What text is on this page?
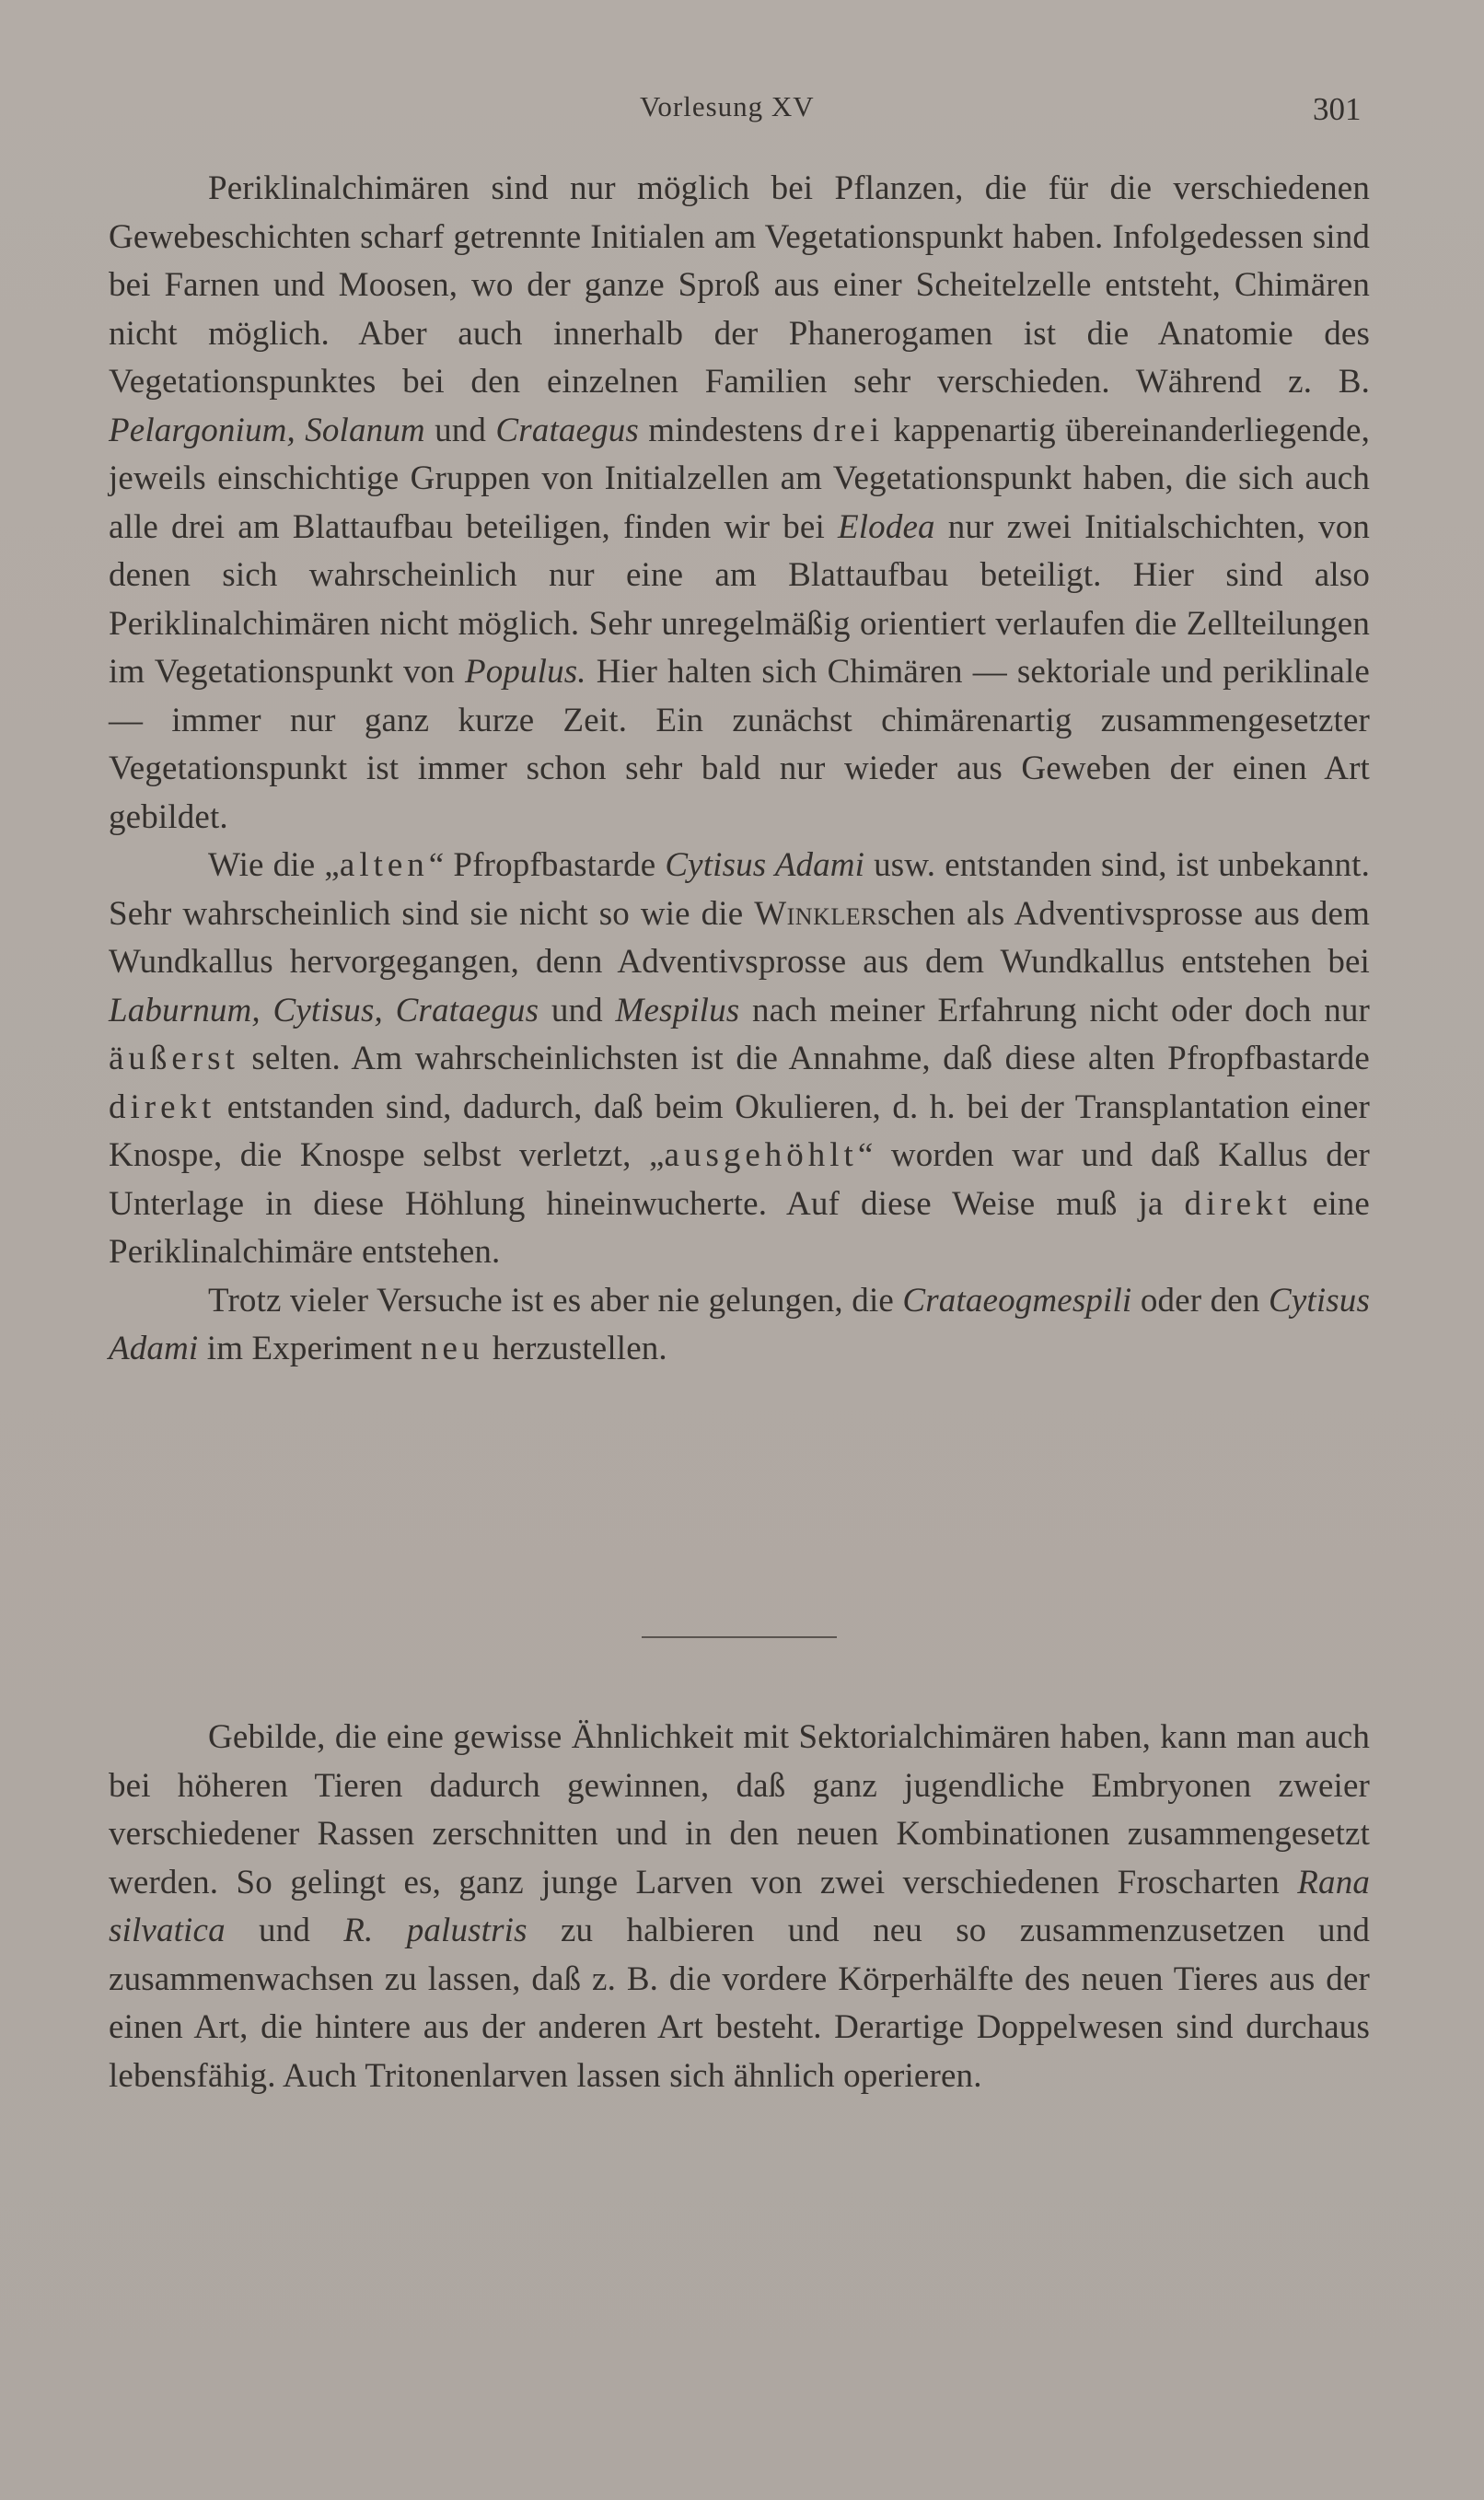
Vorlesung XV	301

Periklinalchimären sind nur möglich bei Pflanzen, die für die verschiedenen Gewebeschichten scharf getrennte Initialen am Vegetationspunkt haben. Infolgedessen sind bei Farnen und Moosen, wo der ganze Sproß aus einer Scheitelzelle entsteht, Chimären nicht möglich. Aber auch innerhalb der Phanerogamen ist die Anatomie des Vegetationspunktes bei den einzelnen Familien sehr verschieden. Während z. B. Pelargonium, Solanum und Crataegus mindestens drei kappenartig übereinanderliegende, jeweils einschichtige Gruppen von Initialzellen am Vegetationspunkt haben, die sich auch alle drei am Blattaufbau beteiligen, finden wir bei Elodea nur zwei Initialschichten, von denen sich wahrscheinlich nur eine am Blattaufbau beteiligt. Hier sind also Periklinalchimären nicht möglich. Sehr unregelmäßig orientiert verlaufen die Zellteilungen im Vegetationspunkt von Populus. Hier halten sich Chimären — sektoriale und periklinale — immer nur ganz kurze Zeit. Ein zunächst chimärenartig zusammengesetzter Vegetationspunkt ist immer schon sehr bald nur wieder aus Geweben der einen Art gebildet.

Wie die „alten“ Pfropfbastarde Cytisus Adami usw. entstanden sind, ist unbekannt. Sehr wahrscheinlich sind sie nicht so wie die Winklerschen als Adventivsprosse aus dem Wundkallus hervorgegangen, denn Adventivsprosse aus dem Wundkallus entstehen bei Laburnum, Cytisus, Crataegus und Mespilus nach meiner Erfahrung nicht oder doch nur äußerst selten. Am wahrscheinlichsten ist die Annahme, daß diese alten Pfropfbastarde direkt entstanden sind, dadurch, daß beim Okulieren, d. h. bei der Transplantation einer Knospe, die Knospe selbst verletzt, „ausgehöhlt“ worden war und daß Kallus der Unterlage in diese Höhlung hineinwucherte. Auf diese Weise muß ja direkt eine Periklinalchimäre entstehen.

Trotz vieler Versuche ist es aber nie gelungen, die Crataeogmespili oder den Cytisus Adami im Experiment neu herzustellen.

Gebilde, die eine gewisse Ähnlichkeit mit Sektorialchimären haben, kann man auch bei höheren Tieren dadurch gewinnen, daß ganz jugendliche Embryonen zweier verschiedener Rassen zerschnitten und in den neuen Kombinationen zusammengesetzt werden. So gelingt es, ganz junge Larven von zwei verschiedenen Froscharten Rana silvatica und R. palustris zu halbieren und neu so zusammenzusetzen und zusammenwachsen zu lassen, daß z. B. die vordere Körperhälfte des neuen Tieres aus der einen Art, die hintere aus der anderen Art besteht. Derartige Doppelwesen sind durchaus lebensfähig. Auch Tritonenlarven lassen sich ähnlich operieren.
